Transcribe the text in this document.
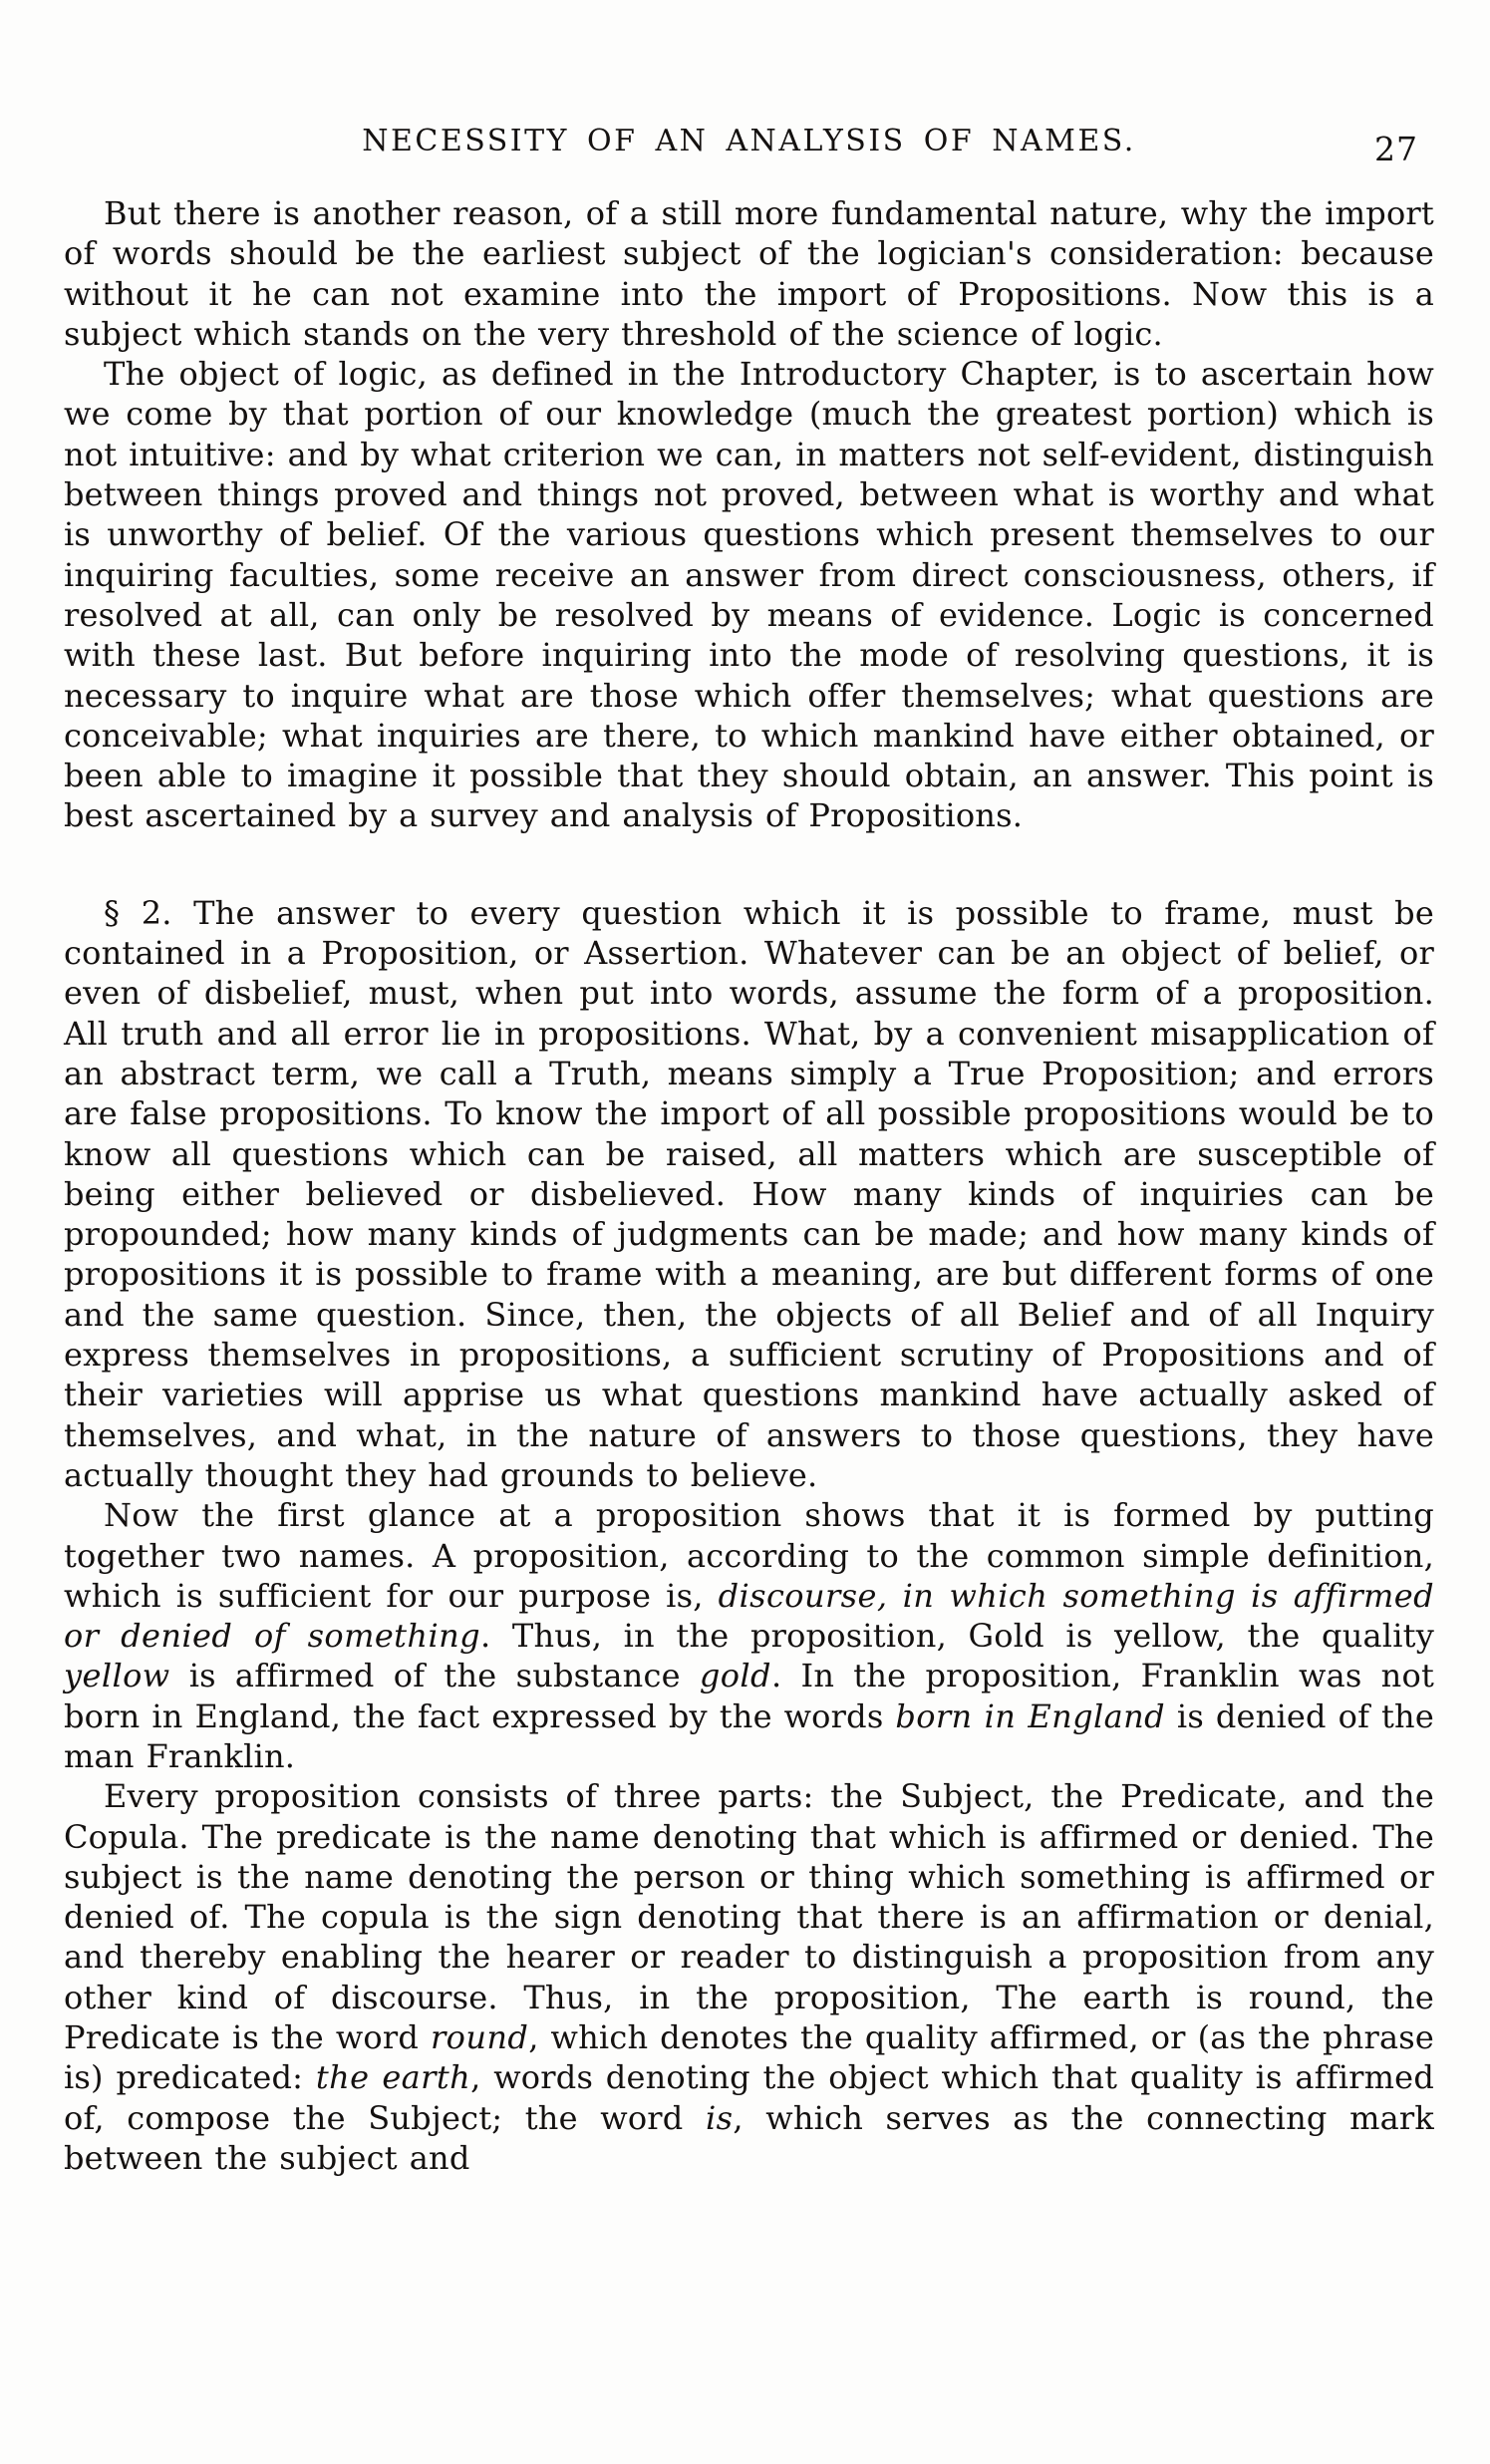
NECESSITY OF AN ANALYSIS OF NAMES.	27

But there is another reason, of a still more fundamental nature, why the import of words should be the earliest subject of the logician's consideration: because without it he can not examine into the import of Propositions. Now this is a subject which stands on the very threshold of the science of logic.

The object of logic, as defined in the Introductory Chapter, is to ascertain how we come by that portion of our knowledge (much the greatest portion) which is not intuitive: and by what criterion we can, in matters not self-evident, distinguish between things proved and things not proved, between what is worthy and what is unworthy of belief. Of the various questions which present themselves to our inquiring faculties, some receive an answer from direct consciousness, others, if resolved at all, can only be resolved by means of evidence. Logic is concerned with these last. But before inquiring into the mode of resolving questions, it is necessary to inquire what are those which offer themselves; what questions are conceivable; what inquiries are there, to which mankind have either obtained, or been able to imagine it possible that they should obtain, an answer. This point is best ascertained by a survey and analysis of Propositions.

§ 2. The answer to every question which it is possible to frame, must be contained in a Proposition, or Assertion. Whatever can be an object of belief, or even of disbelief, must, when put into words, assume the form of a proposition. All truth and all error lie in propositions. What, by a convenient misapplication of an abstract term, we call a Truth, means simply a True Proposition; and errors are false propositions. To know the import of all possible propositions would be to know all questions which can be raised, all matters which are susceptible of being either believed or disbelieved. How many kinds of inquiries can be propounded; how many kinds of judgments can be made; and how many kinds of propositions it is possible to frame with a meaning, are but different forms of one and the same question. Since, then, the objects of all Belief and of all Inquiry express themselves in propositions, a sufficient scrutiny of Propositions and of their varieties will apprise us what questions mankind have actually asked of themselves, and what, in the nature of answers to those questions, they have actually thought they had grounds to believe.

Now the first glance at a proposition shows that it is formed by putting together two names. A proposition, according to the common simple definition, which is sufficient for our purpose is, discourse, in which something is affirmed or denied of something. Thus, in the proposition, Gold is yellow, the quality yellow is affirmed of the substance gold. In the proposition, Franklin was not born in England, the fact expressed by the words born in England is denied of the man Franklin.

Every proposition consists of three parts: the Subject, the Predicate, and the Copula. The predicate is the name denoting that which is affirmed or denied. The subject is the name denoting the person or thing which something is affirmed or denied of. The copula is the sign denoting that there is an affirmation or denial, and thereby enabling the hearer or reader to distinguish a proposition from any other kind of discourse. Thus, in the proposition, The earth is round, the Predicate is the word round, which denotes the quality affirmed, or (as the phrase is) predicated: the earth, words denoting the object which that quality is affirmed of, compose the Subject; the word is, which serves as the connecting mark between the subject and
